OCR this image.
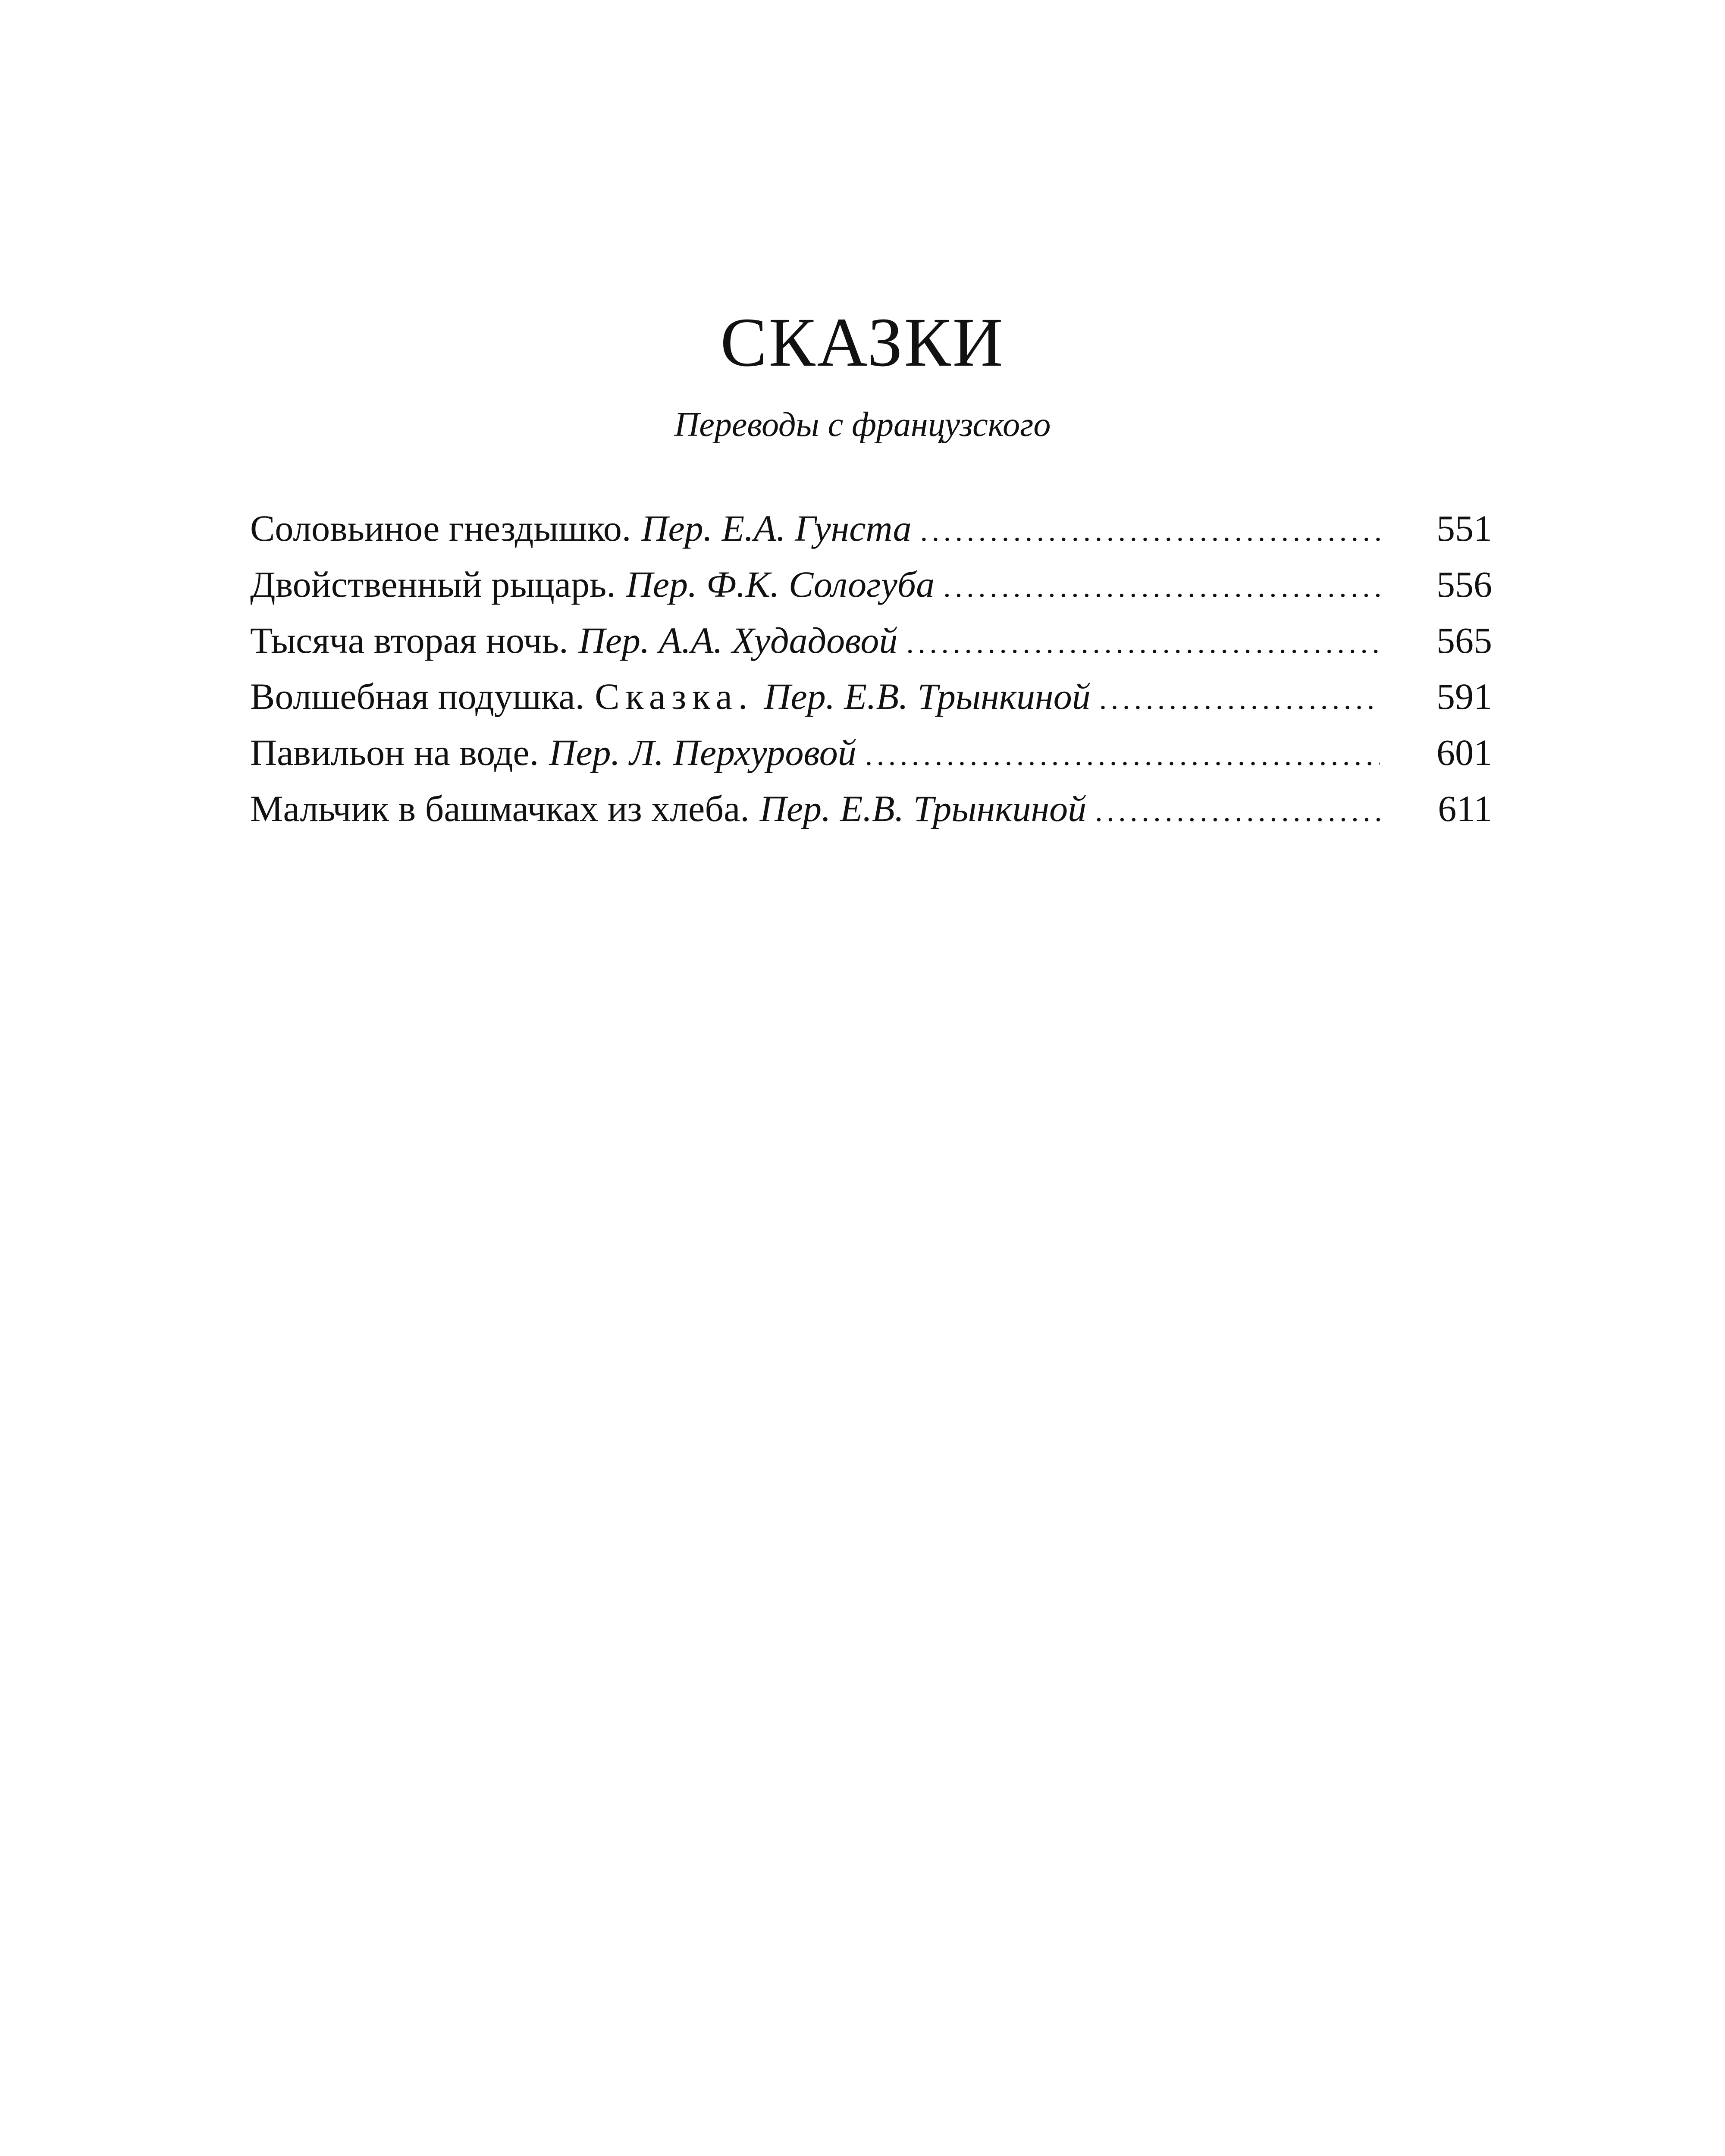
СКАЗКИ
Переводы с французского
Соловьиное гнездышко. Пер. Е.А. Гунста . . .	551
Двойственный рыцарь. Пер. Ф.К. Сологуба . . .	556
Тысяча вторая ночь. Пер. А.А. Худадовой . . .	565
Волшебная подушка. Сказка. Пер. Е.В. Трынкиной . . .	591
Павильон на воде. Пер. Л. Перхуровой . . .	601
Мальчик в башмачках из хлеба. Пер. Е.В. Трынкиной . . .	611
